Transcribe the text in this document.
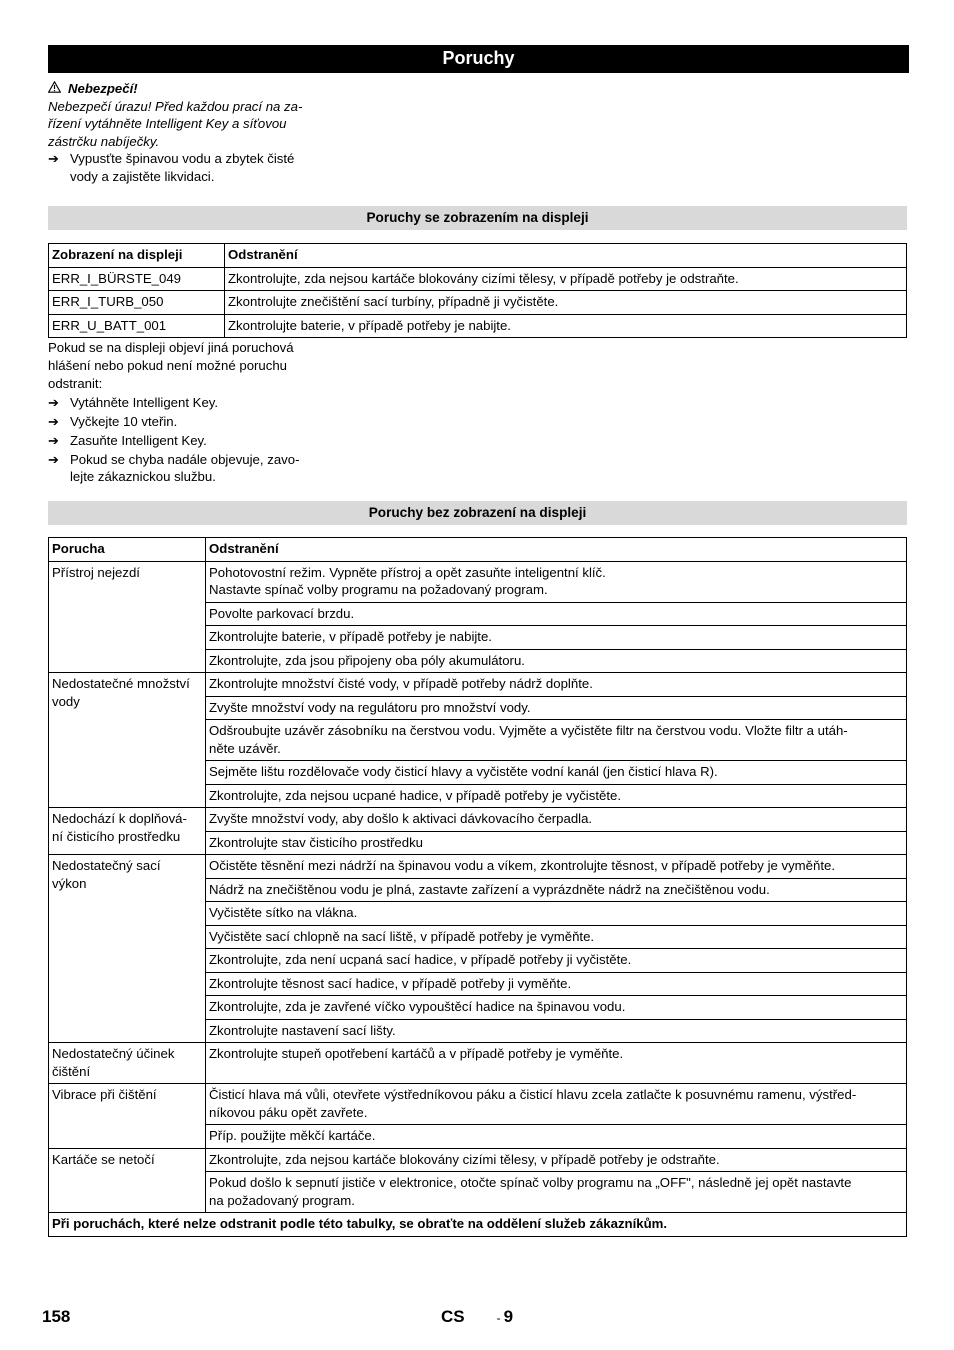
Poruchy
Nebezpečí!
Nebezpečí úrazu! Před každou prací na za-
řízení vytáhněte Intelligent Key a síťovou
zástrčku nabíječky.
➔ Vypusťte špinavou vodu a zbytek čisté
vody a zajistěte likvidaci.
Poruchy se zobrazením na displeji
Zobrazení na displeji	Odstranění
ERR_I_BÜRSTE_049	Zkontrolujte, zda nejsou kartáče blokovány cizími tělesy, v případě potřeby je odstraňte.
ERR_I_TURB_050	Zkontrolujte znečištění sací turbíny, případně ji vyčistěte.
ERR_U_BATT_001	Zkontrolujte baterie, v případě potřeby je nabijte.
Pokud se na displeji objeví jiná poruchová
hlášení nebo pokud není možné poruchu
odstranit:
➔ Vytáhněte Intelligent Key.
➔ Vyčkejte 10 vteřin.
➔ Zasuňte Intelligent Key.
➔ Pokud se chyba nadále objevuje, zavo-
lejte zákaznickou službu.
Poruchy bez zobrazení na displeji
Porucha	Odstranění

Přístroj nejezdí	Pohotovostní režim. Vypněte přístroj a opět zasuňte inteligentní klíč.
Nastavte spínač volby programu na požadovaný program.

	Povolte parkovací brzdu.

	Zkontrolujte baterie, v případě potřeby je nabijte.

	Zkontrolujte, zda jsou připojeny oba póly akumulátoru.

Nedostatečné množství
vody	Zkontrolujte množství čisté vody, v případě potřeby nádrž doplňte.

	Zvyšte množství vody na regulátoru pro množství vody.

	Odšroubujte uzávěr zásobníku na čerstvou vodu. Vyjměte a vyčistěte filtr na čerstvou vodu. Vložte filtr a utáh-
něte uzávěr.

	Sejměte lištu rozdělovače vody čisticí hlavy a vyčistěte vodní kanál (jen čisticí hlava R).

	Zkontrolujte, zda nejsou ucpané hadice, v případě potřeby je vyčistěte.

Nedochází k doplňová-
ní čisticího prostředku	Zvyšte množství vody, aby došlo k aktivaci dávkovacího čerpadla.

	Zkontrolujte stav čisticího prostředku

Nedostatečný sací
výkon	Očistěte těsnění mezi nádrží na špinavou vodu a víkem, zkontrolujte těsnost, v případě potřeby je vyměňte.

	Nádrž na znečištěnou vodu je plná, zastavte zařízení a vyprázdněte nádrž na znečištěnou vodu.

	Vyčistěte sítko na vlákna.

	Vyčistěte sací chlopně na sací liště, v případě potřeby je vyměňte.

	Zkontrolujte, zda není ucpaná sací hadice, v případě potřeby ji vyčistěte.

	Zkontrolujte těsnost sací hadice, v případě potřeby ji vyměňte.

	Zkontrolujte, zda je zavřené víčko vypouštěcí hadice na špinavou vodu.

	Zkontrolujte nastavení sací lišty.

Nedostatečný účinek
čištění	Zkontrolujte stupeň opotřebení kartáčů a v případě potřeby je vyměňte.

Vibrace při čištění	Čisticí hlava má vůli, otevřete výstředníkovou páku a čisticí hlavu zcela zatlačte k posuvnému ramenu, výstřed-
níkovou páku opět zavřete.

	Příp. použijte měkčí kartáče.

Kartáče se netočí	Zkontrolujte, zda nejsou kartáče blokovány cizími tělesy, v případě potřeby je odstraňte.

	Pokud došlo k sepnutí jističe v elektronice, otočte spínač volby programu na „OFF", následně jej opět nastavte
na požadovaný program.

Při poruchách, které nelze odstranit podle této tabulky, se obraťte na oddělení služeb zákazníkům.	
158	CS	- 9
